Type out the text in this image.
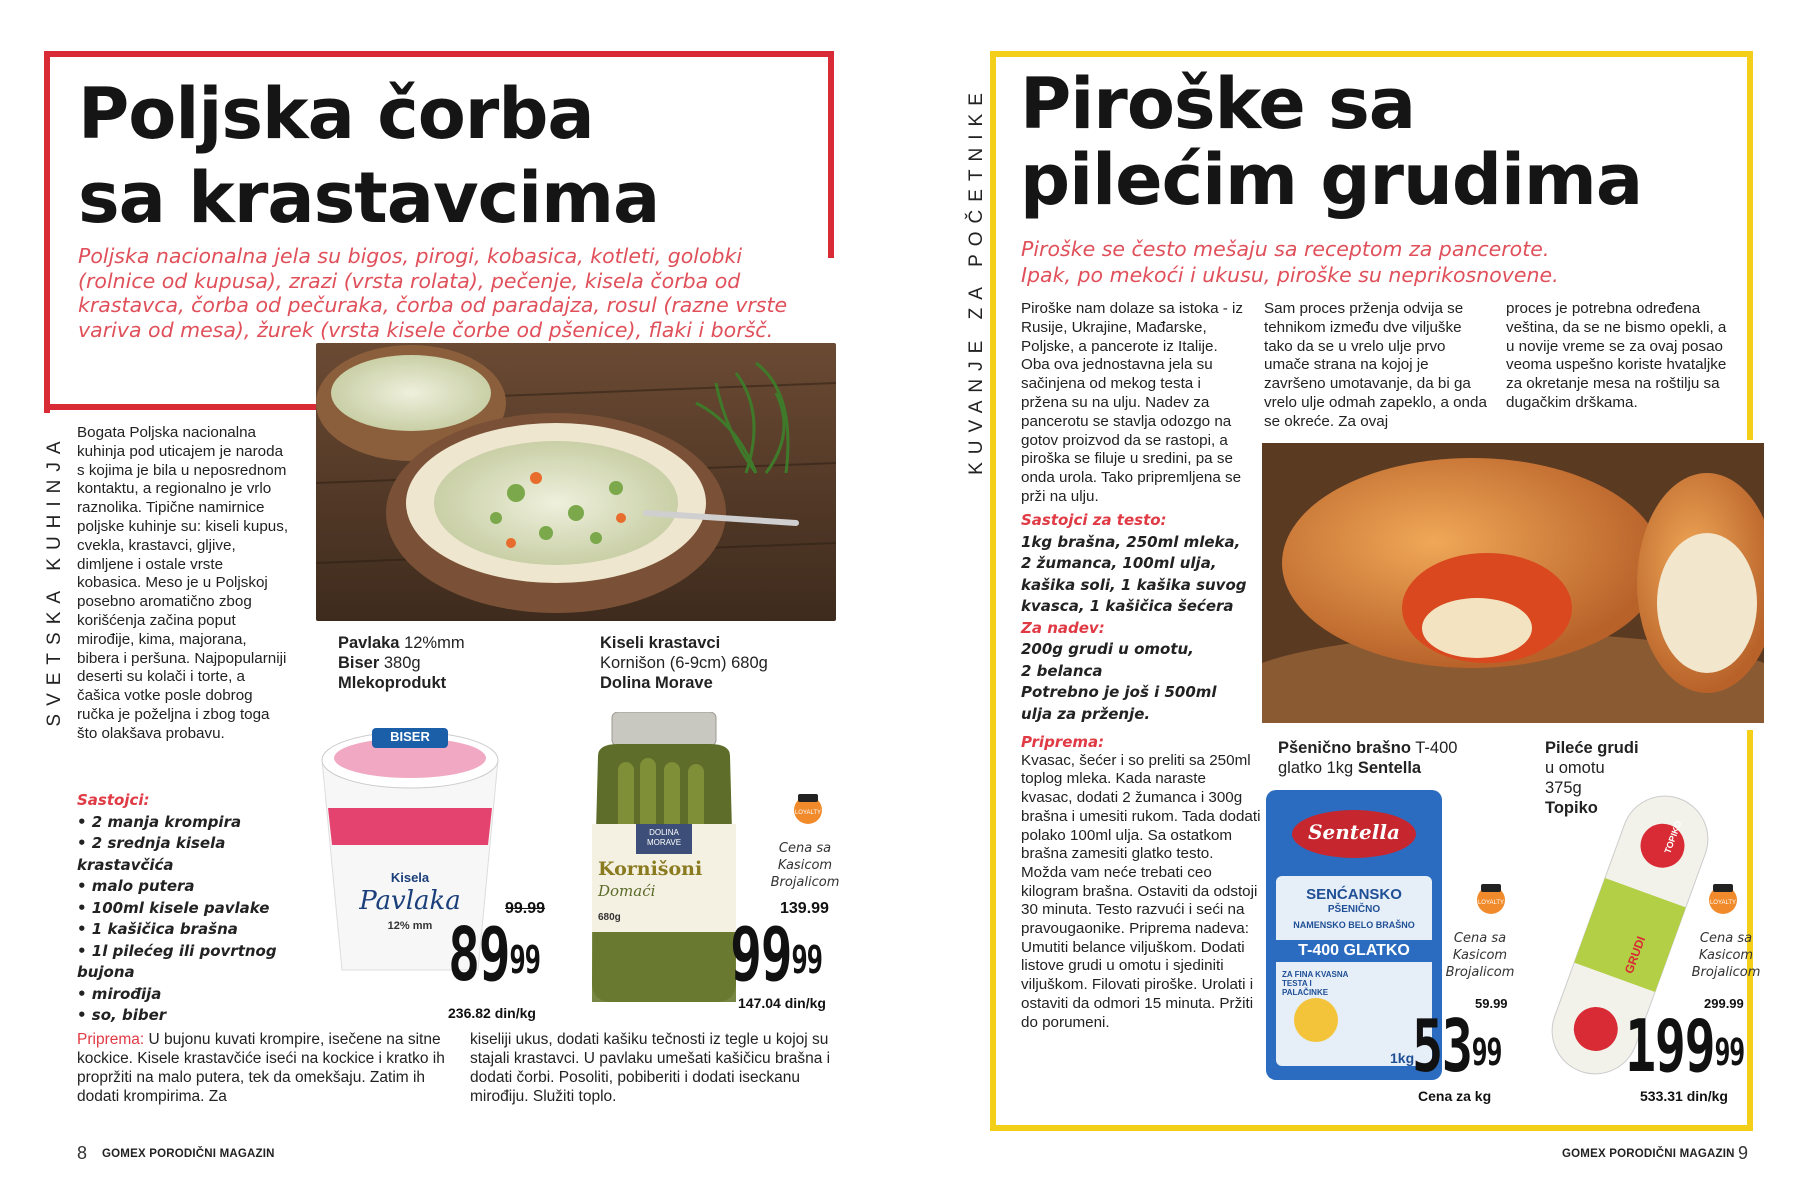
Poljska čorba
sa krastavcima
Poljska nacionalna jela su bigos, pirogi, kobasica, kotleti, golobki (rolnice od kupusa), zrazi (vrsta rolata), pečenje, kisela čorba od krastavca, čorba od pečuraka, čorba od paradajza, rosul (razne vrste variva od mesa), žurek (vrsta kisele čorbe od pšenice), flaki i boršč.
SVETSKA KUHINJA
Bogata Poljska nacionalna kuhinja pod uticajem je naroda s kojima je bila u neposrednom kontaktu, a regionalno je vrlo raznolika. Tipične namirnice poljske kuhinje su: kiseli kupus, cvekla, krastavci, gljive, dimljene i ostale vrste kobasica. Meso je u Poljskoj posebno aromatično zbog korišćenja začina poput mirođije, kima, majorana, bibera i peršuna. Najpopularniji deserti su kolači i torte, a čašica votke posle dobrog ručka je poželjna i zbog toga što olakšava probavu.
Sastojci:
• 2 manja krompira
• 2 srednja kisela krastavčića
• malo putera
• 100ml kisele pavlake
• 1 kašičica brašna
• 1l pilećeg ili povrtnog bujona
• mirođija
• so, biber
Priprema: U bujonu kuvati krompire, isečene na sitne kockice. Kisele krastavčiće iseći na kockice i kratko ih propržiti na malo putera, tek da omekšaju. Zatim ih dodati krompirima. Za
kiseliji ukus, dodati kašiku tečnosti iz tegle u kojoj su stajali krastavci. U pavlaku umešati kašičicu brašna i dodati čorbi. Posoliti, pobiberiti i dodati iseckanu mirođiju. Služiti toplo.
Pavlaka 12%mm
Biser 380g
Mlekoprodukt
BISER
Kisela
Pavlaka
12% mm
99.99
$89^{99}$
236.82 din/kg
Kiseli krastavci
Kornišon (6-9cm) 680g
Dolina Morave
DOLINA MORAVE
Kornišoni
Domaći
680g
LOYALTY
Cena sa Kasicom Brojalicom
139.99
$99^{99}$
147.04 din/kg
8 GOMEX PORODIČNI MAGAZIN
KUVANJE ZA POČETNIKE Piroške sa
pilećim grudima
Piroške se često mešaju sa receptom za pancerote.
Ipak, po mekoći i ukusu, piroške su neprikosnovene.
Piroške nam dolaze sa istoka - iz Rusije, Ukrajine, Mađarske, Poljske, a pancerote iz Italije. Oba ova jednostavna jela su sačinjena od mekog testa i pržena su na ulju. Nadev za pancerotu se stavlja odozgo na gotov proizvod da se rastopi, a piroška se filuje u sredini, pa se onda urola. Tako pripremljena se prži na ulju.
Sam proces prženja odvija se tehnikom između dve viljuške tako da se u vrelo ulje prvo umače strana na kojoj je završeno umotavanje, da bi ga vrelo ulje odmah zapeklo, a onda se okreće. Za ovaj
proces je potrebna određena veština, da se ne bismo opekli, a u novije vreme se za ovaj posao veoma uspešno koriste hvataljke za okretanje mesa na roštilju sa dugačkim drškama.
Sastojci za testo:
1kg brašna, 250ml mleka,
2 žumanca, 100ml ulja,
kašika soli, 1 kašika suvog
kvasca, 1 kašičica šećera
Za nadev:
200g grudi u omotu,
2 belanca
Potrebno je još i 500ml
ulja za prženje.
Priprema:
Kvasac, šećer i so preliti sa 250ml toplog mleka. Kada naraste kvasac, dodati 2 žumanca i 300g brašna i umesiti rukom. Tada dodati polako 100ml ulja. Sa ostatkom brašna zamesiti glatko testo. Možda vam neće trebati ceo kilogram brašna. Ostaviti da odstoji 30 minuta. Testo razvući i seći na pravougaonike. Priprema nadeva: Umutiti belance viljuškom. Dodati listove grudi u omotu i sjediniti viljuškom. Filovati piroške. Urolati i ostaviti da odmori 15 minuta. Pržiti do porumeni.
Pšenično brašno T-400
glatko 1kg Sentella
Sentella
SENĆANSKO
PŠENIČNO
NAMENSKO BELO BRAŠNO
T-400 GLATKO
ZA FINA KVASNA TESTA I PALAČINKE
1kg
LOYALTY
Cena sa Kasicom Brojalicom
59.99
$53^{99}$
Cena za kg
Pileće grudi
u omotu
375g
Topiko
GRUDI
TOPIKO
LOYALTY
Cena sa Kasicom Brojalicom
299.99
$199^{99}$
533.31 din/kg
GOMEX PORODIČNI MAGAZIN 9
